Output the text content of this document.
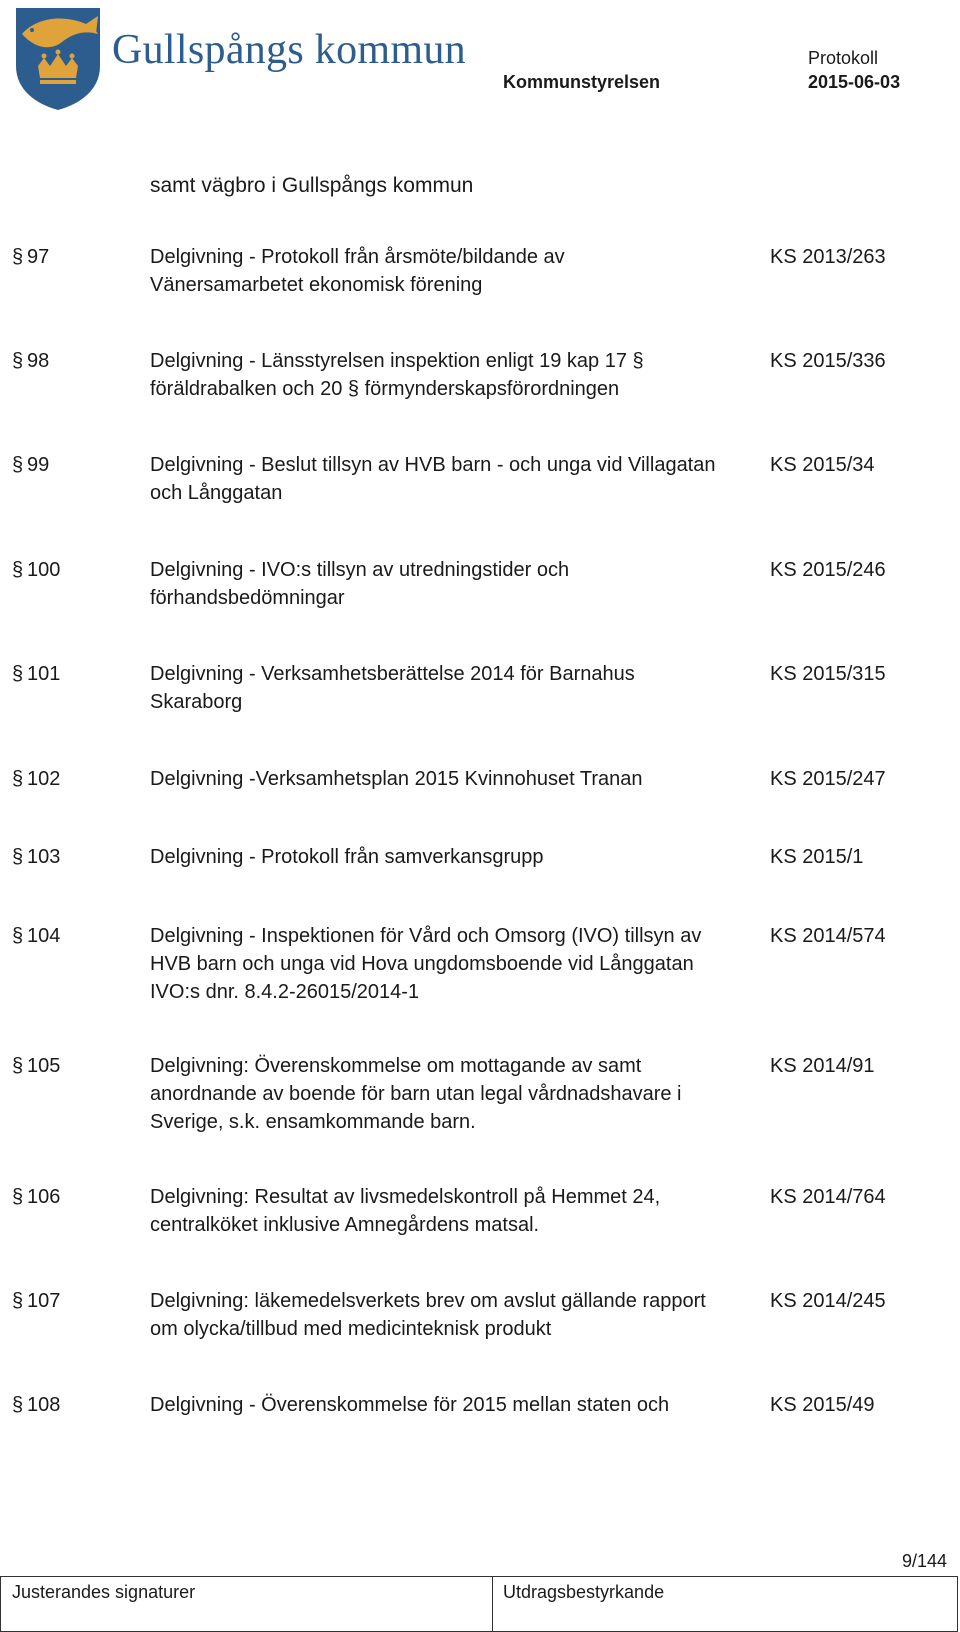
Gullspångs kommun
Kommunstyrelsen
Protokoll
2015-06-03
samt vägbro i Gullspångs kommun
§ 97	Delgivning - Protokoll från årsmöte/bildande av
Vänersamarbetet ekonomisk förening
KS 2013/263
§ 98	Delgivning - Länsstyrelsen inspektion enligt 19 kap 17 §
föräldrabalken och 20 § förmynderskapsförordningen
KS 2015/336
§ 99	Delgivning - Beslut tillsyn av HVB barn - och unga vid Villagatan
och Långgatan
KS 2015/34
§ 100	Delgivning - IVO:s tillsyn av utredningstider och
förhandsbedömningar
KS 2015/246
§ 101	Delgivning - Verksamhetsberättelse 2014 för Barnahus
Skaraborg
KS 2015/315
§ 102	Delgivning -Verksamhetsplan 2015 Kvinnohuset Tranan	KS 2015/247
§ 103	Delgivning - Protokoll från samverkansgrupp	KS 2015/1
§ 104	Delgivning - Inspektionen för Vård och Omsorg (IVO) tillsyn av
HVB barn och unga vid Hova ungdomsboende vid Långgatan
IVO:s dnr. 8.4.2-26015/2014-1
KS 2014/574
§ 105	Delgivning: Överenskommelse om mottagande av samt
anordnande av boende för barn utan legal vårdnadshavare i
Sverige, s.k. ensamkommande barn.
KS 2014/91
§ 106	Delgivning: Resultat av livsmedelskontroll på Hemmet 24,
centralköket inklusive Amnegårdens matsal.
KS 2014/764
§ 107	Delgivning: läkemedelsverkets brev om avslut gällande rapport
om olycka/tillbud med medicinteknisk produkt
KS 2014/245
§ 108	Delgivning - Överenskommelse för 2015 mellan staten och	KS 2015/49
9/144
Justerandes signaturer	Utdragsbestyrkande
